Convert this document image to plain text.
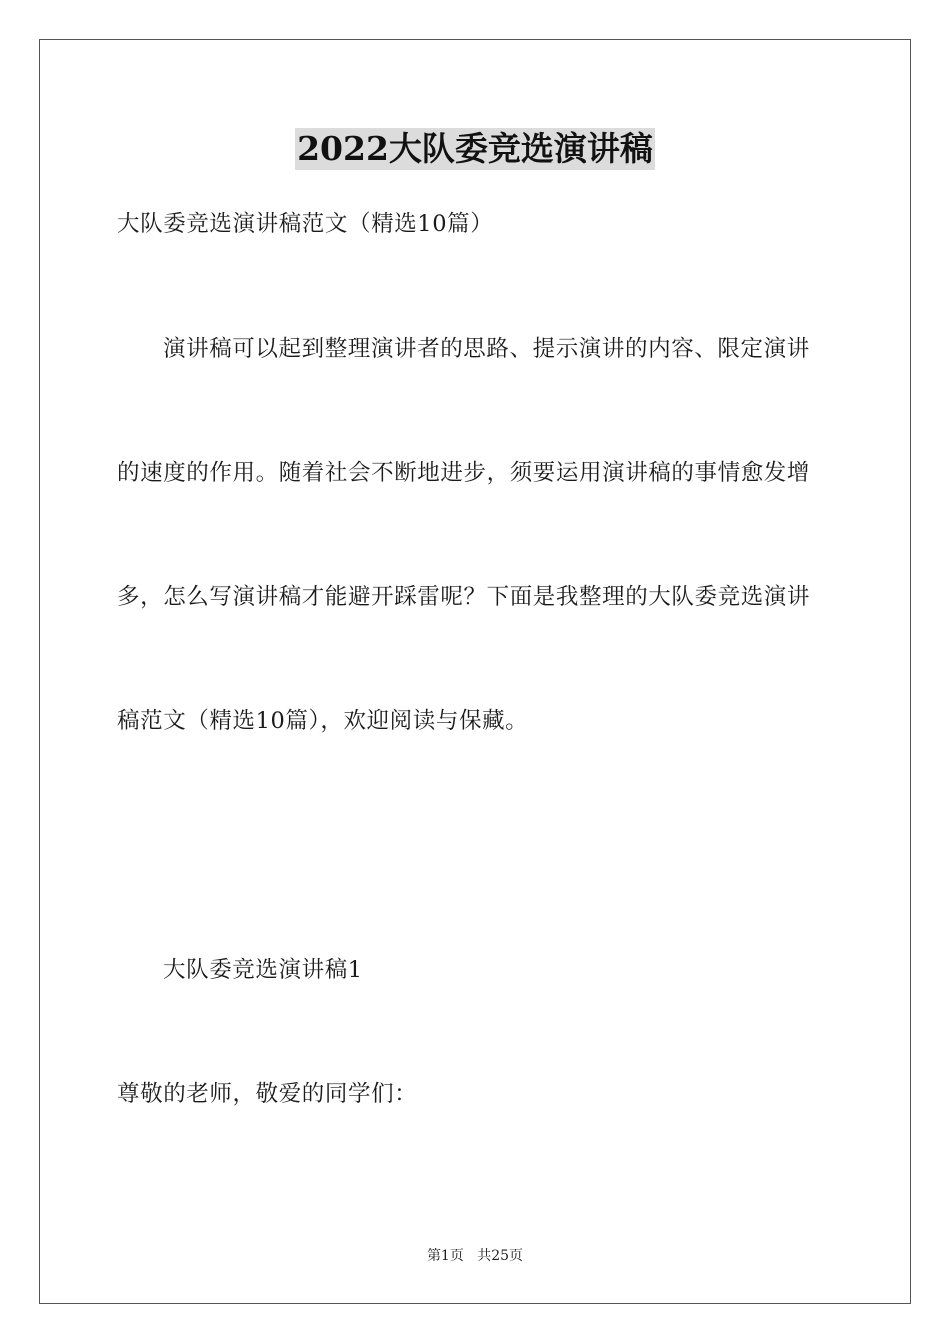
2022大队委竞选演讲稿
大队委竞选演讲稿范文（精选10篇）
演讲稿可以起到整理演讲者的思路、提示演讲的内容、限定演讲
的速度的作用。随着社会不断地进步，须要运用演讲稿的事情愈发增
多，怎么写演讲稿才能避开踩雷呢？下面是我整理的大队委竞选演讲
稿范文（精选10篇），欢迎阅读与保藏。
大队委竞选演讲稿1
尊敬的老师，敬爱的同学们：
第1页 共25页
